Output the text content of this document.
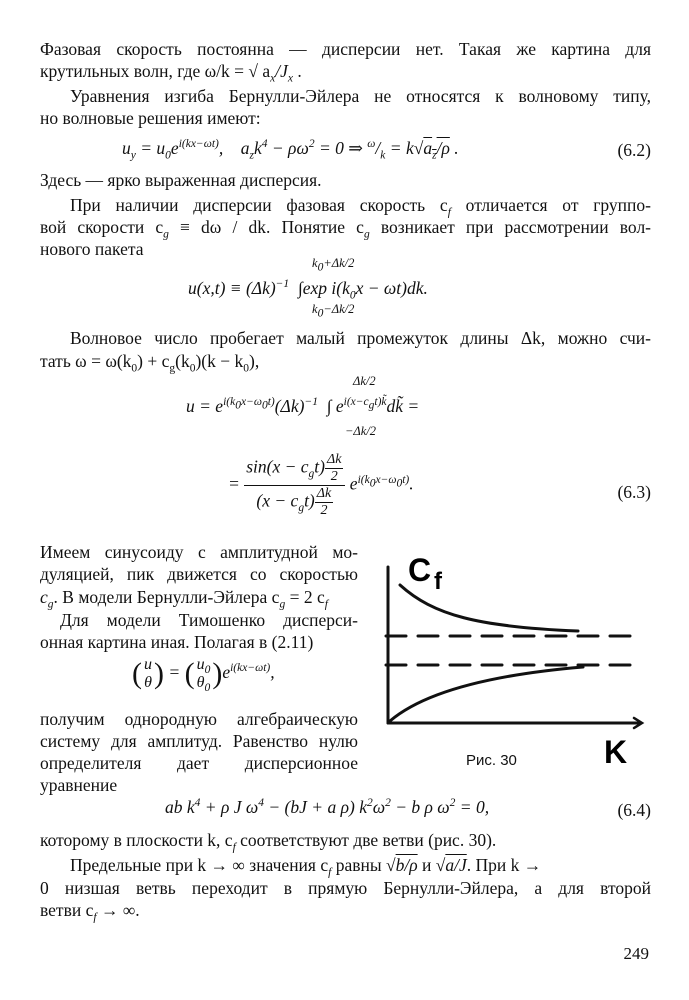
Фазовая скорость постоянна — дисперсии нет. Такая же картина для
крутильных волн, где ω/k = √ $a_x/J_x$ .
Уравнения изгиба Бернулли-Эйлера не относятся к волновому типу,
но волновые решения имеют:
$u_y = u_0e^{i(kx-\omega t)}$,    $a_zk^4 - \rho\omega^2 = 0$ ⇒ $^\omega/_k = k√a_z/\rho$ .	(6.2)
Здесь — ярко выраженная дисперсия.
При наличии дисперсии фазовая скорость $c_f$ отличается от группо-
вой скорости $c_g \equiv d\omega$ / dk. Понятие $c_g$ возникает при рассмотрении вол-
нового пакета
$k_0+\Delta k/2$
$u(x,t) \equiv (\Delta k)^{-1}$  ∫exp $i(k_0x - \omega t)dk$.
$k_0-\Delta k/2$
Волновое число пробегает малый промежуток длины Δk, можно счи-
тать $\omega = \omega(k_0) + c_g(k_0)(k - k_0)$,
Δk/2
$u = e^{i(k_0x-\omega_0t)}(\Delta k)^{-1}$  ∫ $e^{i(x-c_gt)k̃}dk̃$ =
−Δk/2
= $\frac{\sin(x - c_gt) \frac{\Delta k}{2}}{(x - c_gt) \frac{\Delta k}{2}} e^{i(k_0x-\omega_0t)}$.	(6.3)
Имеем синусоиду с амплитудной мо-
дуляцией, пик движется со скоростью
$c_g$. В модели Бернулли-Эйлера $c_g = 2$ $c_f$
Для модели Тимошенко дисперси-
онная картина иная. Полагая в (2.11)
( u
θ ) = ( $u_0$
$\theta_0$ )$e^{i(kx-\omega t)}$,
получим однородную алгебраическую
систему для амплитуд. Равенство нулю
определителя дает дисперсионное
уравнение
C f
K
Рис. 30
ab $k^4 + \rho$ J $\omega^4 - (bJ + a$ ρ) $k^2\omega^2 - b$ ρ $\omega^2 = 0$,	(6.4)
которому в плоскости k, $c_f$ соответствуют две ветви (рис. 30).
Предельные при k → ∞ значения $c_f$ равны √b/ρ и √a/J. При k →
0 низшая ветвь переходит в прямую Бернулли-Эйлера, а для второй
ветви $c_f$ → ∞.
249
